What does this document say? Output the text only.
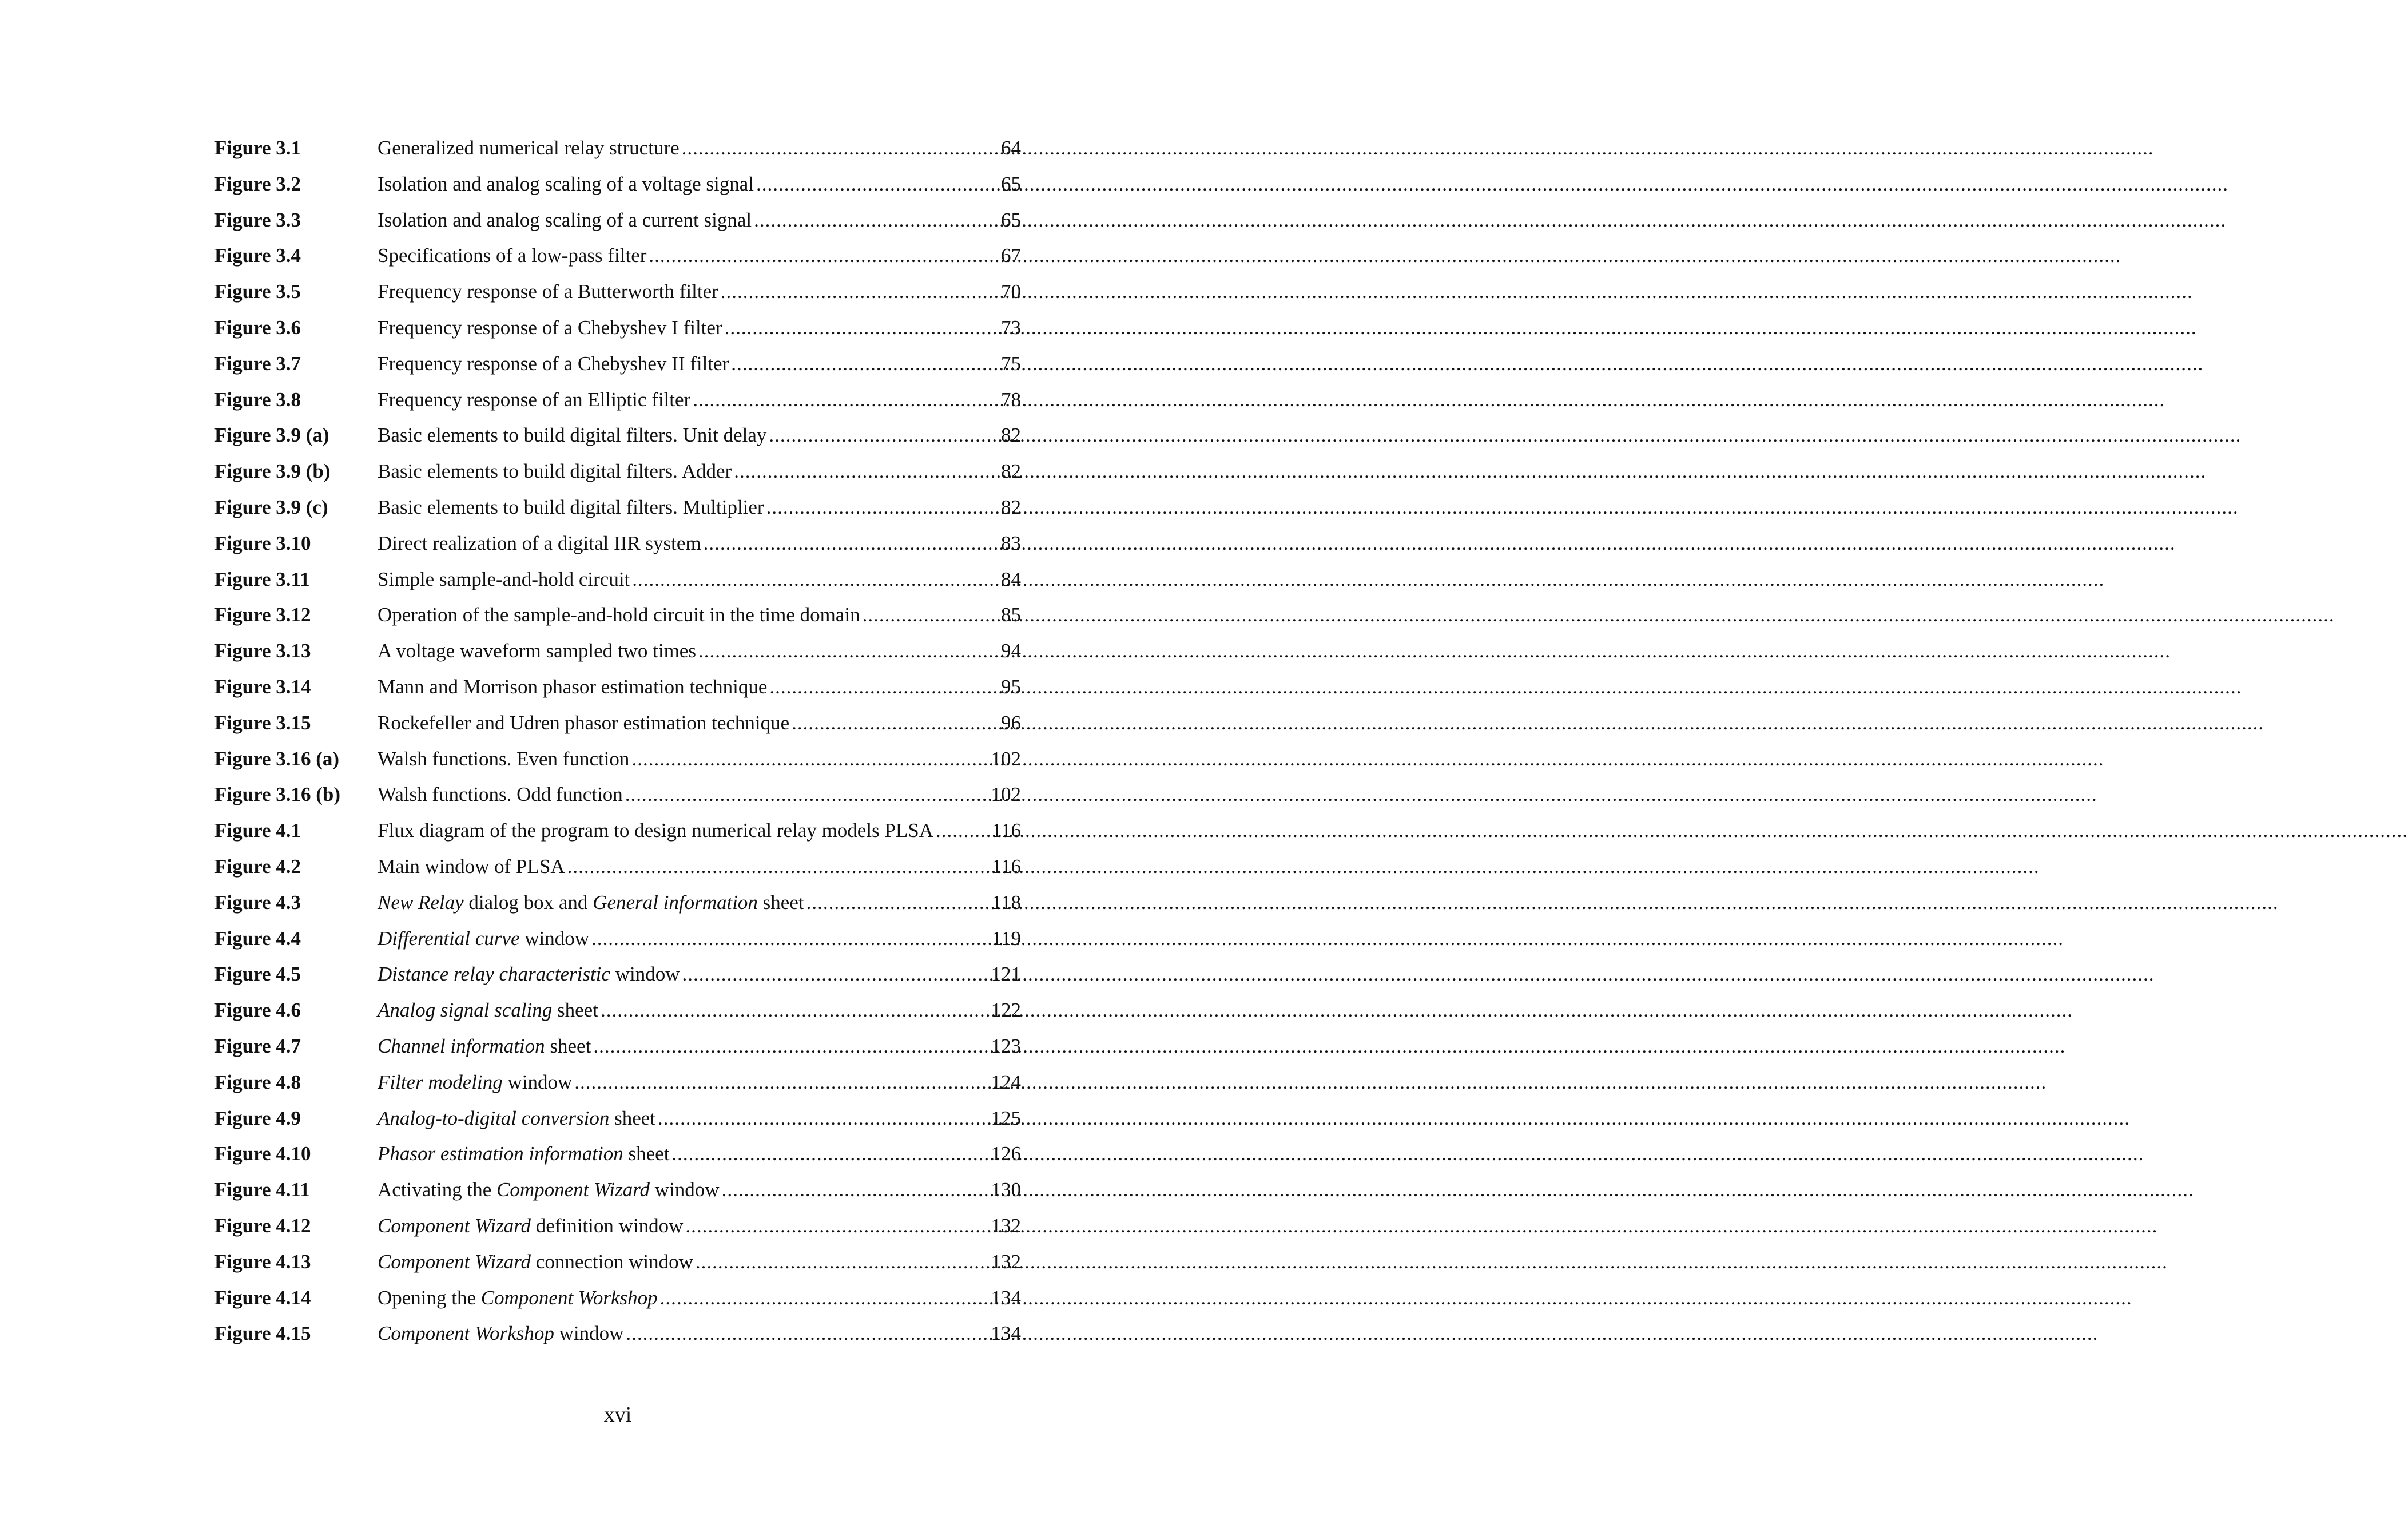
Figure 3.1	Generalized numerical relay structure .....	64
Figure 3.2	Isolation and analog scaling of a voltage signal .....	65
Figure 3.3	Isolation and analog scaling of a current signal .....	65
Figure 3.4	Specifications of a low-pass filter .....	67
Figure 3.5	Frequency response of a Butterworth filter .....	70
Figure 3.6	Frequency response of a Chebyshev I filter .....	73
Figure 3.7	Frequency response of a Chebyshev II filter .....	75
Figure 3.8	Frequency response of an Elliptic filter .....	78
Figure 3.9 (a)	Basic elements to build digital filters. Unit delay .....	82
Figure 3.9 (b)	Basic elements to build digital filters. Adder .....	82
Figure 3.9 (c)	Basic elements to build digital filters. Multiplier .....	82
Figure 3.10	Direct realization of a digital IIR system .....	83
Figure 3.11	Simple sample-and-hold circuit .....	84
Figure 3.12	Operation of the sample-and-hold circuit in the time domain .....	85
Figure 3.13	A voltage waveform sampled two times .....	94
Figure 3.14	Mann and Morrison phasor estimation technique .....	95
Figure 3.15	Rockefeller and Udren phasor estimation technique .....	96
Figure 3.16 (a)	Walsh functions. Even function .....	102
Figure 3.16 (b)	Walsh functions. Odd function .....	102
Figure 4.1	Flux diagram of the program to design numerical relay models PLSA .....	116
Figure 4.2	Main window of PLSA .....	116
Figure 4.3	New Relay dialog box and General information sheet .....	118
Figure 4.4	Differential curve window .....	119
Figure 4.5	Distance relay characteristic window .....	121
Figure 4.6	Analog signal scaling sheet .....	122
Figure 4.7	Channel information sheet .....	123
Figure 4.8	Filter modeling window .....	124
Figure 4.9	Analog-to-digital conversion sheet .....	125
Figure 4.10	Phasor estimation information sheet .....	126
Figure 4.11	Activating the Component Wizard window .....	130
Figure 4.12	Component Wizard definition window .....	132
Figure 4.13	Component Wizard connection window .....	132
Figure 4.14	Opening the Component Workshop .....	134
Figure 4.15	Component Workshop window .....	134
xvi
